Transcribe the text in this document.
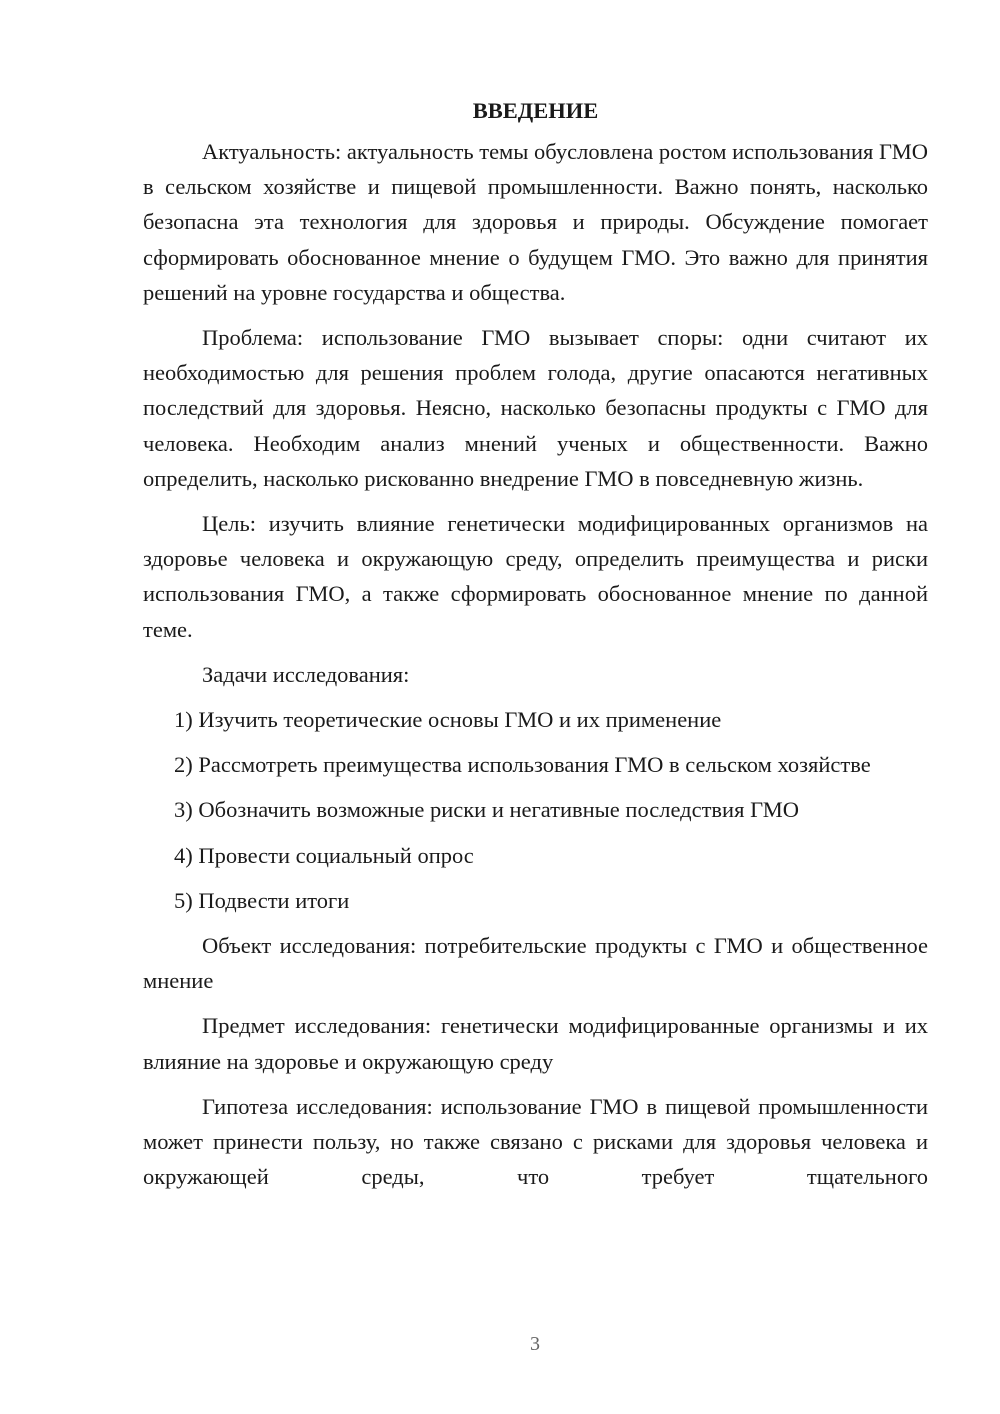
ВВЕДЕНИЕ

Актуальность: актуальность темы обусловлена ростом использования ГМО в сельском хозяйстве и пищевой промышленности. Важно понять, насколько безопасна эта технология для здоровья и природы. Обсуждение помогает сформировать обоснованное мнение о будущем ГМО. Это важно для принятия решений на уровне государства и общества.

Проблема: использование ГМО вызывает споры: одни считают их необходимостью для решения проблем голода, другие опасаются негативных последствий для здоровья. Неясно, насколько безопасны продукты с ГМО для человека. Необходим анализ мнений ученых и общественности. Важно определить, насколько рискованно внедрение ГМО в повседневную жизнь.

Цель: изучить влияние генетически модифицированных организмов на здоровье человека и окружающую среду, определить преимущества и риски использования ГМО, а также сформировать обоснованное мнение по данной теме.

Задачи исследования:

1) Изучить теоретические основы ГМО и их применение

2) Рассмотреть преимущества использования ГМО в сельском хозяйстве

3) Обозначить возможные риски и негативные последствия ГМО

4) Провести социальный опрос

5) Подвести итоги

Объект исследования: потребительские продукты с ГМО и общественное мнение

Предмет исследования: генетически модифицированные организмы и их влияние на здоровье и окружающую среду

Гипотеза исследования: использование ГМО в пищевой промышленности может принести пользу, но также связано с рисками для здоровья человека и окружающей среды, что требует тщательного

3
